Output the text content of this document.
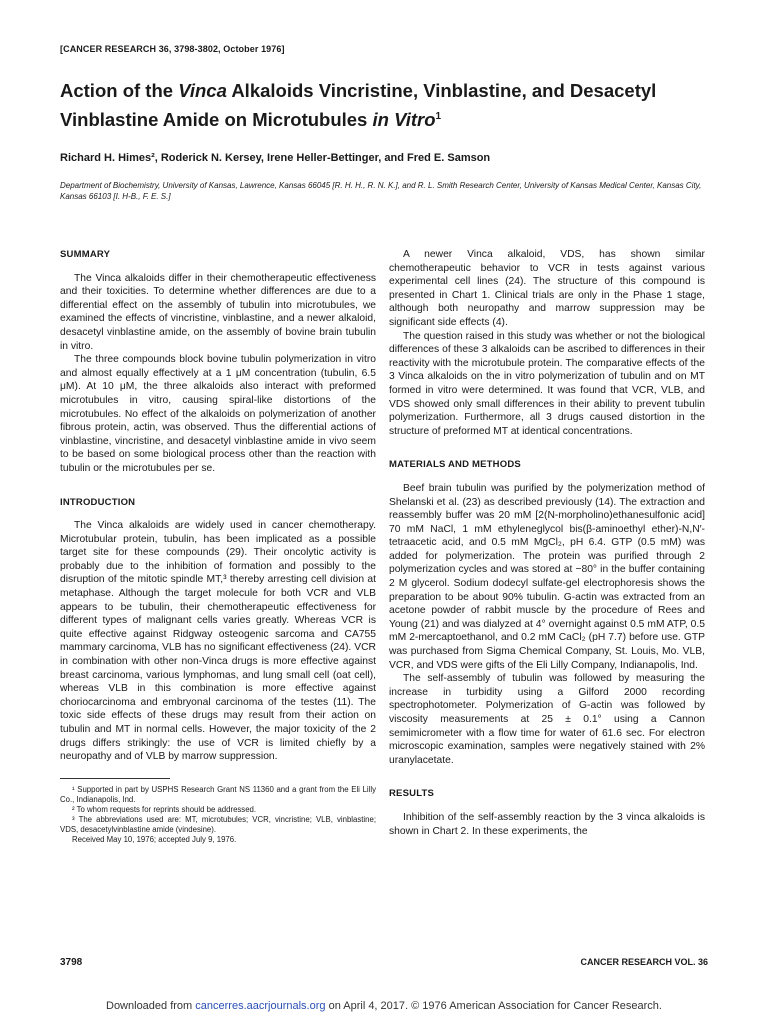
[CANCER RESEARCH 36, 3798-3802, October 1976]
Action of the Vinca Alkaloids Vincristine, Vinblastine, and Desacetyl Vinblastine Amide on Microtubules in Vitro$^1$
Richard H. Himes², Roderick N. Kersey, Irene Heller-Bettinger, and Fred E. Samson
Department of Biochemistry, University of Kansas, Lawrence, Kansas 66045 [R. H. H., R. N. K.], and R. L. Smith Research Center, University of Kansas Medical Center, Kansas City, Kansas 66103 [I. H-B., F. E. S.]

SUMMARY

The Vinca alkaloids differ in their chemotherapeutic effectiveness and their toxicities. To determine whether differences are due to a differential effect on the assembly of tubulin into microtubules, we examined the effects of vincristine, vinblastine, and a newer alkaloid, desacetyl vinblastine amide, on the assembly of bovine brain tubulin in vitro.

The three compounds block bovine tubulin polymerization in vitro and almost equally effectively at a 1 μM concentration (tubulin, 6.5 μM). At 10 μM, the three alkaloids also interact with preformed microtubules in vitro, causing spiral-like distortions of the microtubules. No effect of the alkaloids on polymerization of another fibrous protein, actin, was observed. Thus the differential actions of vinblastine, vincristine, and desacetyl vinblastine amide in vivo seem to be based on some biological process other than the reaction with tubulin or the microtubules per se.

INTRODUCTION

The Vinca alkaloids are widely used in cancer chemotherapy. Microtubular protein, tubulin, has been implicated as a possible target site for these compounds (29). Their oncolytic activity is probably due to the inhibition of formation and possibly to the disruption of the mitotic spindle MT,³ thereby arresting cell division at metaphase. Although the target molecule for both VCR and VLB appears to be tubulin, their chemotherapeutic effectiveness for different types of malignant cells varies greatly. Whereas VCR is quite effective against Ridgway osteogenic sarcoma and CA755 mammary carcinoma, VLB has no significant effectiveness (24). VCR in combination with other non-Vinca drugs is more effective against breast carcinoma, various lymphomas, and lung small cell (oat cell), whereas VLB in this combination is more effective against choriocarcinoma and embryonal carcinoma of the testes (11). The toxic side effects of these drugs may result from their action on tubulin and MT in normal cells. However, the major toxicity of the 2 drugs differs strikingly: the use of VCR is limited chiefly by a neuropathy and of VLB by marrow suppression.

¹ Supported in part by USPHS Research Grant NS 11360 and a grant from the Eli Lilly Co., Indianapolis, Ind.

² To whom requests for reprints should be addressed.

³ The abbreviations used are: MT, microtubules; VCR, vincristine; VLB, vinblastine; VDS, desacetylvinblastine amide (vindesine).

Received May 10, 1976; accepted July 9, 1976.

A newer Vinca alkaloid, VDS, has shown similar chemotherapeutic behavior to VCR in tests against various experimental cell lines (24). The structure of this compound is presented in Chart 1. Clinical trials are only in the Phase 1 stage, although both neuropathy and marrow suppression may be significant side effects (4).

The question raised in this study was whether or not the biological differences of these 3 alkaloids can be ascribed to differences in their reactivity with the microtubule protein. The comparative effects of the 3 Vinca alkaloids on the in vitro polymerization of tubulin and on MT formed in vitro were determined. It was found that VCR, VLB, and VDS showed only small differences in their ability to prevent tubulin polymerization. Furthermore, all 3 drugs caused distortion in the structure of preformed MT at identical concentrations.

MATERIALS AND METHODS

Beef brain tubulin was purified by the polymerization method of Shelanski et al. (23) as described previously (14). The extraction and reassembly buffer was 20 mM [2(N-morpholino)ethanesulfonic acid] 70 mM NaCl, 1 mM ethyleneglycol bis(β-aminoethyl ether)-N,N′-tetraacetic acid, and 0.5 mM MgCl₂, pH 6.4. GTP (0.5 mM) was added for polymerization. The protein was purified through 2 polymerization cycles and was stored at −80° in the buffer containing 2 M glycerol. Sodium dodecyl sulfate-gel electrophoresis shows the preparation to be about 90% tubulin. G-actin was extracted from an acetone powder of rabbit muscle by the procedure of Rees and Young (21) and was dialyzed at 4° overnight against 0.5 mM ATP, 0.5 mM 2-mercaptoethanol, and 0.2 mM CaCl₂ (pH 7.7) before use. GTP was purchased from Sigma Chemical Company, St. Louis, Mo. VLB, VCR, and VDS were gifts of the Eli Lilly Company, Indianapolis, Ind.

The self-assembly of tubulin was followed by measuring the increase in turbidity using a Gilford 2000 recording spectrophotometer. Polymerization of G-actin was followed by viscosity measurements at 25 ± 0.1° using a Cannon semimicrometer with a flow time for water of 61.6 sec. For electron microscopic examination, samples were negatively stained with 2% uranylacetate.

RESULTS

Inhibition of the self-assembly reaction by the 3 vinca alkaloids is shown in Chart 2. In these experiments, the

3798	CANCER RESEARCH VOL. 36
Downloaded from cancerres.aacrjournals.org on April 4, 2017. © 1976 American Association for Cancer Research.
